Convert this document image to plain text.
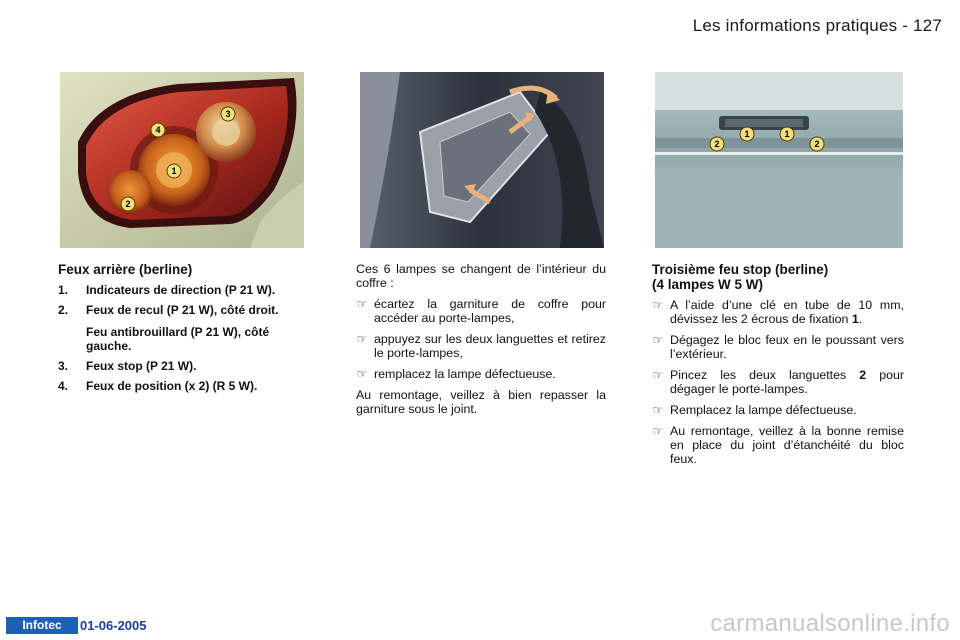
Les informations pratiques - 127
1
2
3
4
2
1	1
2
Feux arrière (berline)
1. Indicateurs de direction (P 21 W).
2. Feux de recul (P 21 W), côté droit.
Feu antibrouillard (P 21 W), côté gauche.
3. Feux stop (P 21 W).
4. Feux de position (x 2) (R 5 W).

Ces 6 lampes se changent de l’intérieur du coffre :

☞ écartez la garniture de coffre pour accéder au porte-lampes,
☞ appuyez sur les deux languettes et retirez le porte-lampes,
☞ remplacez la lampe défectueuse.

Au remontage, veillez à bien repasser la garniture sous le joint.

Troisième feu stop (berline)
(4 lampes W 5 W)
☞ A l’aide d’une clé en tube de 10 mm, dévissez les 2 écrous de fixation 1.
☞ Dégagez le bloc feux en le poussant vers l’extérieur.
☞ Pincez les deux languettes 2 pour dégager le porte-lampes.
☞ Remplacez la lampe défectueuse.
☞ Au remontage, veillez à la bonne remise en place du joint d’étanchéité du bloc feux.
Infotec	01-06-2005	carmanualsonline.info
